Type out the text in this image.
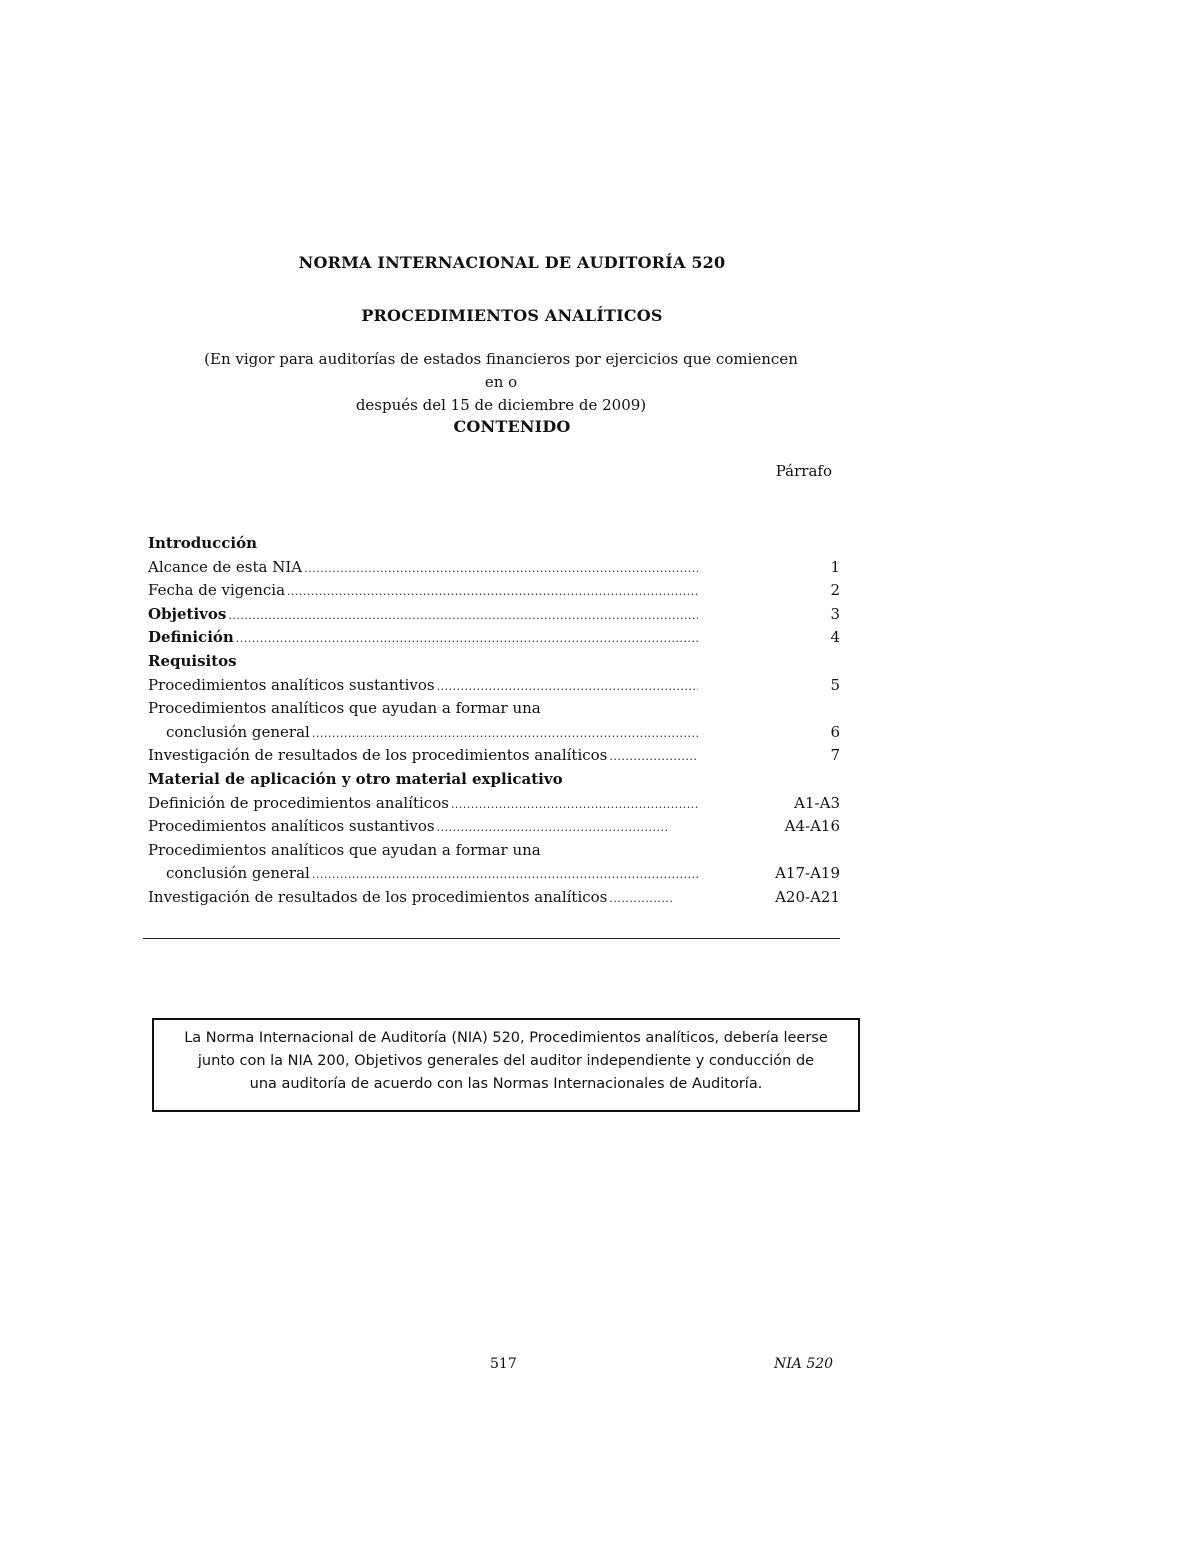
NORMA INTERNACIONAL DE AUDITORÍA 520
PROCEDIMIENTOS ANALÍTICOS

(En vigor para auditorías de estados financieros por ejercicios que comiencen en o
después del 15 de diciembre de 2009)

CONTENIDO
Párrafo
Introducción
Alcance de esta NIA .....	1
Fecha de vigencia .....	2
Objetivos .....	3
Definición .....	4
Requisitos
Procedimientos analíticos sustantivos .....	5
Procedimientos analíticos que ayudan a formar una
conclusión general .....	6
Investigación de resultados de los procedimientos analíticos .....	7
Material de aplicación y otro material explicativo
Definición de procedimientos analíticos .....	A1-A3
Procedimientos analíticos sustantivos .....	A4-A16
Procedimientos analíticos que ayudan a formar una
conclusión general .....	A17-A19
Investigación de resultados de los procedimientos analíticos .....	A20-A21

La Norma Internacional de Auditoría (NIA) 520, Procedimientos analíticos, debería leerse junto con la NIA 200, Objetivos generales del auditor independiente y conducción de una auditoría de acuerdo con las Normas Internacionales de Auditoría.

517	NIA 520
